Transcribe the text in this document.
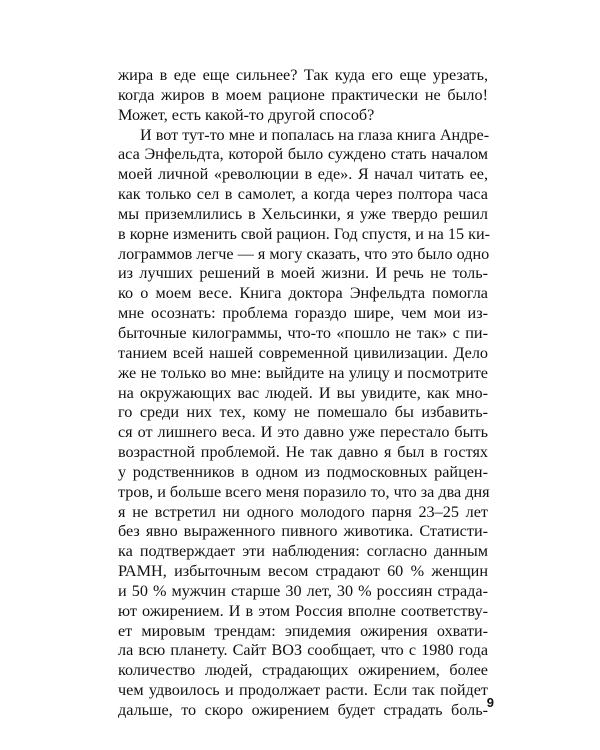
жира в еде еще сильнее? Так куда его еще урезать,
когда жиров в моем рационе практически не было!
Может, есть какой-то другой способ?
И вот тут-то мне и попалась на глаза книга Андре-
аса Энфельдта, которой было суждено стать началом
моей личной «революции в еде». Я начал читать ее,
как только сел в самолет, а когда через полтора часа
мы приземлились в Хельсинки, я уже твердо решил
в корне изменить свой рацион. Год спустя, и на 15 ки-
лограммов легче — я могу сказать, что это было одно
из лучших решений в моей жизни. И речь не толь-
ко о моем весе. Книга доктора Энфельдта помогла
мне осознать: проблема гораздо шире, чем мои из-
быточные килограммы, что-то «пошло не так» с пи-
танием всей нашей современной цивилизации. Дело
же не только во мне: выйдите на улицу и посмотрите
на окружающих вас людей. И вы увидите, как мно-
го среди них тех, кому не помешало бы избавить-
ся от лишнего веса. И это давно уже перестало быть
возрастной проблемой. Не так давно я был в гостях
у родственников в одном из подмосковных райцен-
тров, и больше всего меня поразило то, что за два дня
я не встретил ни одного молодого парня 23–25 лет
без явно выраженного пивного животика. Статисти-
ка подтверждает эти наблюдения: согласно данным
РАМН, избыточным весом страдают 60 % женщин
и 50 % мужчин старше 30 лет, 30 % россиян страда-
ют ожирением. И в этом Россия вполне соответству-
ет мировым трендам: эпидемия ожирения охвати-
ла всю планету. Сайт ВОЗ сообщает, что с 1980 года
количество людей, страдающих ожирением, более
чем удвоилось и продолжает расти. Если так пойдет
дальше, то скоро ожирением будет страдать боль-
9
